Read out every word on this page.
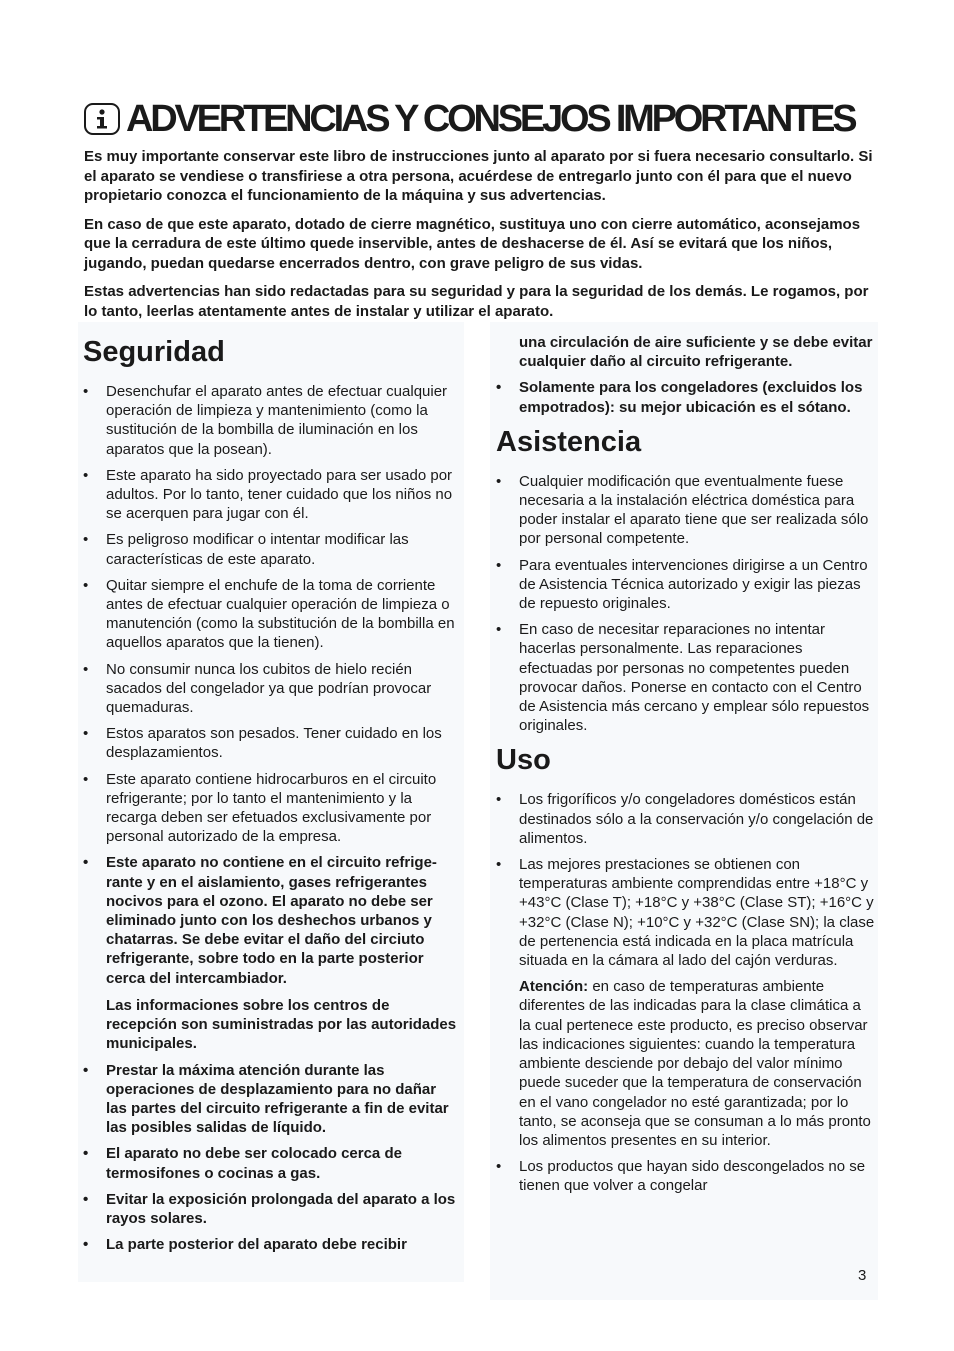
ADVERTENCIAS Y CONSEJOS IMPORTANTES

Es muy importante conservar este libro de instrucciones junto al aparato por si fuera necesario consultarlo. Si el aparato se vendiese o transfiriese a otra persona, acuérdese de entregarlo junto con él para que el nuevo propietario conozca el funcionamiento de la máquina y sus advertencias.

En caso de que este aparato, dotado de cierre magnético, sustituya uno con cierre automático, aconsejamos que la cerradura de este último quede inservible, antes de deshacerse de él. Así se evitará que los niños, jugando, puedan quedarse encerrados dentro, con grave peligro de sus vidas.

Estas advertencias han sido redactadas para su seguridad y para la seguridad de los demás. Le rogamos, por lo tanto, leerlas atentamente antes de instalar y utilizar el aparato.

Seguridad
• Desenchufar el aparato antes de efectuar cualquier operación de limpieza y mantenimiento (como la sustitución de la bombilla de iluminación en los aparatos que la posean).
• Este aparato ha sido proyectado para ser usado por adultos. Por lo tanto, tener cuidado que los niños no se acerquen para jugar con él.
• Es peligroso modificar o intentar modificar las características de este aparato.
• Quitar siempre el enchufe de la toma de corriente antes de efectuar cualquier operación de limpieza o manutención (como la substitución de la bombilla en aquellos aparatos que la tienen).
• No consumir nunca los cubitos de hielo recién sacados del congelador ya que podrían provocar quemaduras.
• Estos aparatos son pesados. Tener cuidado en los desplazamientos.
• Este aparato contiene hidrocarburos en el circuito refrigerante; por lo tanto el mantenimiento y la recarga deben ser efetuados exclusivamente por personal autorizado de la empresa.
• Este aparato no contiene en el circuito refrige-rante y en el aislamiento, gases refrigerantes nocivos para el ozono. El aparato no debe ser eliminado junto con los deshechos urbanos y chatarras. Se debe evitar el daño del circiuto refrigerante, sobre todo en la parte posterior cerca del intercambiador.
Las informaciones sobre los centros de recepción son suministradas por las autoridades municipales.
• Prestar la máxima atención durante las operaciones de desplazamiento para no dañar las partes del circuito refrigerante a fin de evitar las posibles salidas de líquido.
• El aparato no debe ser colocado cerca de termosifones o cocinas a gas.
• Evitar la exposición prolongada del aparato a los rayos solares.
• La parte posterior del aparato debe recibir
una circulación de aire suficiente y se debe evitar cualquier daño al circuito refrigerante.
• Solamente para los congeladores (excluidos los empotrados): su mejor ubicación es el sótano.
Asistencia
• Cualquier modificación que eventualmente fuese necesaria a la instalación eléctrica doméstica para poder instalar el aparato tiene que ser realizada sólo por personal competente.
• Para eventuales intervenciones dirigirse a un Centro de Asistencia Técnica autorizado y exigir las piezas de repuesto originales.
• En caso de necesitar reparaciones no intentar hacerlas personalmente. Las reparaciones efectuadas por personas no competentes pueden provocar daños. Ponerse en contacto con el Centro de Asistencia más cercano y emplear sólo repuestos originales.
Uso
• Los frigoríficos y/o congeladores domésticos están destinados sólo a la conservación y/o congelación de alimentos.
• Las mejores prestaciones se obtienen con temperaturas ambiente comprendidas entre +18°C y +43°C (Clase T); +18°C y +38°C (Clase ST); +16°C y +32°C (Clase N); +10°C y +32°C (Clase SN); la clase de pertenencia está indicada en la placa matrícula situada en la cámara al lado del cajón verduras.
Atención: en caso de temperaturas ambiente diferentes de las indicadas para la clase climática a la cual pertenece este producto, es preciso observar las indicaciones siguientes: cuando la temperatura ambiente desciende por debajo del valor mínimo puede suceder que la temperatura de conservación en el vano congelador no esté garantizada; por lo tanto, se aconseja que se consuman a lo más pronto los alimentos presentes en su interior.
• Los productos que hayan sido descongelados no se tienen que volver a congelar
3
